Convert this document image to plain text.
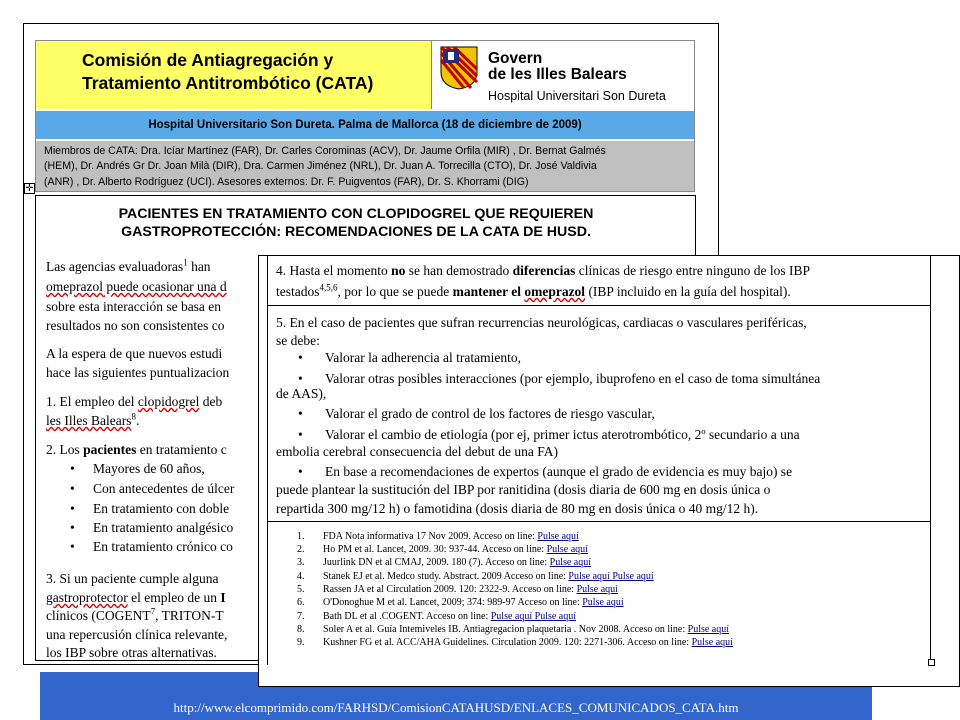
http://www.elcomprimido.com/FARHSD/ComisionCATAHUSD/ENLACES_COMUNICADOS_CATA.htm
✛
Comisión de Antiagregación y
Tratamiento Antitrombótico (CATA)
Govern
de les Illes Balears
Hospital Universitari Son Dureta
Hospital Universitario Son Dureta. Palma de Mallorca (18 de diciembre de 2009)
Miembros de CATA: Dra. Icíar Martínez (FAR), Dr. Carles Corominas (ACV), Dr. Jaume Orfila (MIR) , Dr. Bernat Galmés
(HEM), Dr. Andrés Gr Dr. Joan Milà (DIR), Dra. Carmen Jiménez (NRL), Dr. Juan A. Torrecilla (CTO), Dr. José Valdivia
(ANR) , Dr. Alberto Rodríguez (UCI). Asesores externos: Dr. F. Puigventos (FAR), Dr. S. Khorrami (DIG)
PACIENTES EN TRATAMIENTO CON CLOPIDOGREL QUE REQUIEREN
GASTROPROTECCIÓN: RECOMENDACIONES DE LA CATA DE HUSD.
Las agencias evaluadoras$^1$ han
omeprazol puede ocasionar una d
sobre esta interacción se basa en
resultados no son consistentes co
A la espera de que nuevos estudi
hace las siguientes puntualizacion
1. El empleo del clopidogrel deb
les Illes Balears$^8$.
2. Los pacientes en tratamiento c
• Mayores de 60 años,
• Con antecedentes de úlcer
• En tratamiento con doble
• En tratamiento analgésico
• En tratamiento crónico co
3. Si un paciente cumple alguna
gastroprotector el empleo de un I
clínicos (COGENT$^7$, TRITON-T
una repercusión clínica relevante,
los IBP sobre otras alternativas.
4. Hasta el momento no se han demostrado diferencias clínicas de riesgo entre ninguno de los IBP
testados$^{4,5,6}$, por lo que se puede mantener el omeprazol (IBP incluido en la guía del hospital).
5. En el caso de pacientes que sufran recurrencias neurológicas, cardiacas o vasculares periféricas,
se debe:
• Valorar la adherencia al tratamiento,
• Valorar otras posibles interacciones (por ejemplo, ibuprofeno en el caso de toma simultánea
de AAS),
• Valorar el grado de control de los factores de riesgo vascular,
• Valorar el cambio de etiología (por ej, primer ictus aterotrombótico, 2º secundario a una
embolia cerebral consecuencia del debut de una FA)
• En base a recomendaciones de expertos (aunque el grado de evidencia es muy bajo) se
puede plantear la sustitución del IBP por ranitidina (dosis diaria de 600 mg en dosis única o
repartida 300 mg/12 h) o famotidina (dosis diaria de 80 mg en dosis única o 40 mg/12 h).
1. FDA Nota informativa 17 Nov 2009. Acceso on line: Pulse aquí
2. Ho PM et al. Lancet, 2009. 30: 937-44. Acceso on line: Pulse aquí
3. Juurlink DN et al CMAJ, 2009. 180 (7). Acceso on line: Pulse aquí
4. Stanek EJ et al. Medco study. Abstract. 2009 Acceso on line: Pulse aquí Pulse aquí
5. Rassen JA et al Circulation 2009. 120: 2322-9. Acceso on line: Pulse aquí
6. O'Donoghue M et al. Lancet, 2009; 374: 989-97 Acceso on line: Pulse aquí
7. Bath DL et al .COGENT. Acceso on line: Pulse aquí Pulse aquí
8. Soler A et al. Guía Intemiveles IB. Antiagregacion plaquetaria . Nov 2008. Acceso on line: Pulse aquí
9. Kushner FG et al. ACC/AHA Guidelines. Circulation 2009. 120: 2271-306. Acceso on line: Pulse aquí
